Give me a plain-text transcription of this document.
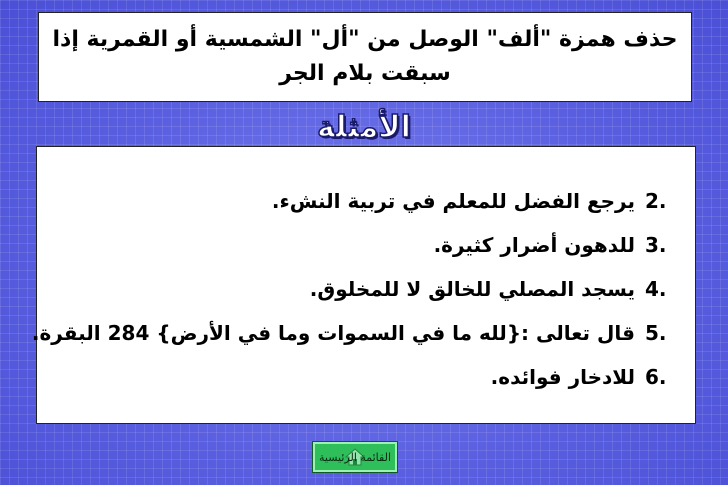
حذف همزة "ألف" الوصل من "أل" الشمسية أو القمرية إذا سبقت بلام الجر
الأمثلة
2.
يرجع الفضل للمعلم في تربية النشء.
3.
للدهون أضرار كثيرة.
4.
يسجد المصلي للخالق لا للمخلوق.
5.
قال تعالى :{لله ما في السموات وما في الأرض} 284 البقرة.
6.
للادخار فوائده.
القائمة الرئيسية
